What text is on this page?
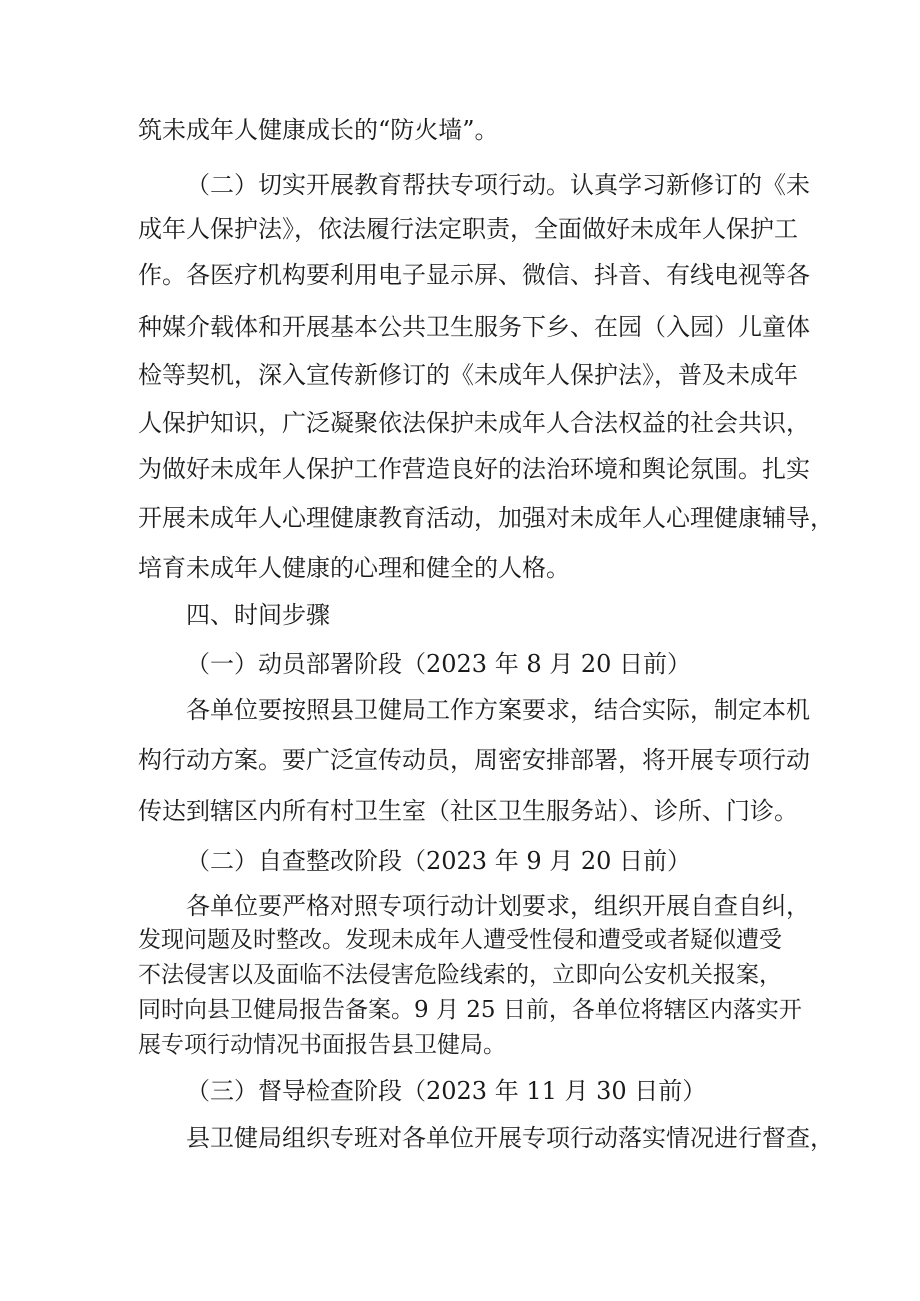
筑未成年人健康成长的“防火墙”。
（二）切实开展教育帮扶专项行动。认真学习新修订的《未
成年人保护法》，依法履行法定职责，全面做好未成年人保护工
作。各医疗机构要利用电子显示屏、微信、抖音、有线电视等各
种媒介载体和开展基本公共卫生服务下乡、在园（入园）儿童体
检等契机，深入宣传新修订的《未成年人保护法》，普及未成年
人保护知识，广泛凝聚依法保护未成年人合法权益的社会共识，
为做好未成年人保护工作营造良好的法治环境和舆论氛围。扎实
开展未成年人心理健康教育活动，加强对未成年人心理健康辅导，
培育未成年人健康的心理和健全的人格。
四、时间步骤
（一）动员部署阶段（2023 年 8 月 20 日前）
各单位要按照县卫健局工作方案要求，结合实际，制定本机
构行动方案。要广泛宣传动员，周密安排部署，将开展专项行动
传达到辖区内所有村卫生室（社区卫生服务站）、诊所、门诊。
（二）自查整改阶段（2023 年 9 月 20 日前）
各单位要严格对照专项行动计划要求，组织开展自查自纠，
发现问题及时整改。发现未成年人遭受性侵和遭受或者疑似遭受
不法侵害以及面临不法侵害危险线索的，立即向公安机关报案，
同时向县卫健局报告备案。9 月 25 日前，各单位将辖区内落实开
展专项行动情况书面报告县卫健局。
（三）督导检查阶段（2023 年 11 月 30 日前）
县卫健局组织专班对各单位开展专项行动落实情况进行督查，
